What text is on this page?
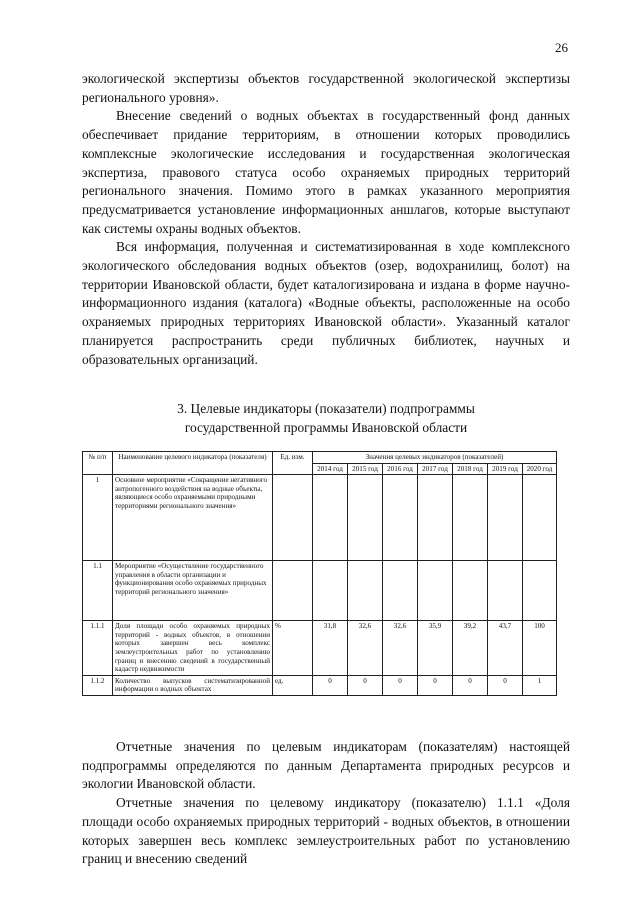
26

экологической экспертизы объектов государственной экологической экспертизы регионального уровня».

Внесение сведений о водных объектах в государственный фонд данных обеспечивает придание территориям, в отношении которых проводились комплексные экологические исследования и государственная экологическая экспертиза, правового статуса особо охраняемых природных территорий регионального значения. Помимо этого в рамках указанного мероприятия предусматривается установление информационных аншлагов, которые выступают как системы охраны водных объектов.

Вся информация, полученная и систематизированная в ходе комплексного экологического обследования водных объектов (озер, водохранилищ, болот) на территории Ивановской области, будет каталогизирована и издана в форме научно-информационного издания (каталога) «Водные объекты, расположенные на особо охраняемых природных территориях Ивановской области». Указанный каталог планируется распространить среди публичных библиотек, научных и образовательных организаций.

3. Целевые индикаторы (показатели) подпрограммы
государственной программы Ивановской области
№ п/п	Наименование целевого индикатора (показателя)	Ед. изм.	Значения целевых индикаторов (показателей)						
			2014 год	2015 год	2016 год	2017 год	2018 год	2019 год	2020 год
1	Основное мероприятие «Сокращение негативного антропогенного воздействия на водные объекты, являющиеся особо охраняемыми природными территориями регионального значения»								
1.1	Мероприятие «Осуществление государственного управления в области организации и функционирования особо охраняемых природных территорий регионального значения»								
1.1.1	Доля площади особо охраняемых природных территорий - водных объектов, в отношении которых завершен весь комплекс землеустроительных работ по установлению границ и внесению сведений в государственный кадастр недвижимости	%	31,8	32,6	32,6	35,9	39,2	43,7	100
1.1.2	Количество выпусков систематизированной информации о водных объектах	ед.	0	0	0	0	0	0	1

Отчетные значения по целевым индикаторам (показателям) настоящей подпрограммы определяются по данным Департамента природных ресурсов и экологии Ивановской области.

Отчетные значения по целевому индикатору (показателю) 1.1.1 «Доля площади особо охраняемых природных территорий - водных объектов, в отношении которых завершен весь комплекс землеустроительных работ по установлению границ и внесению сведений
